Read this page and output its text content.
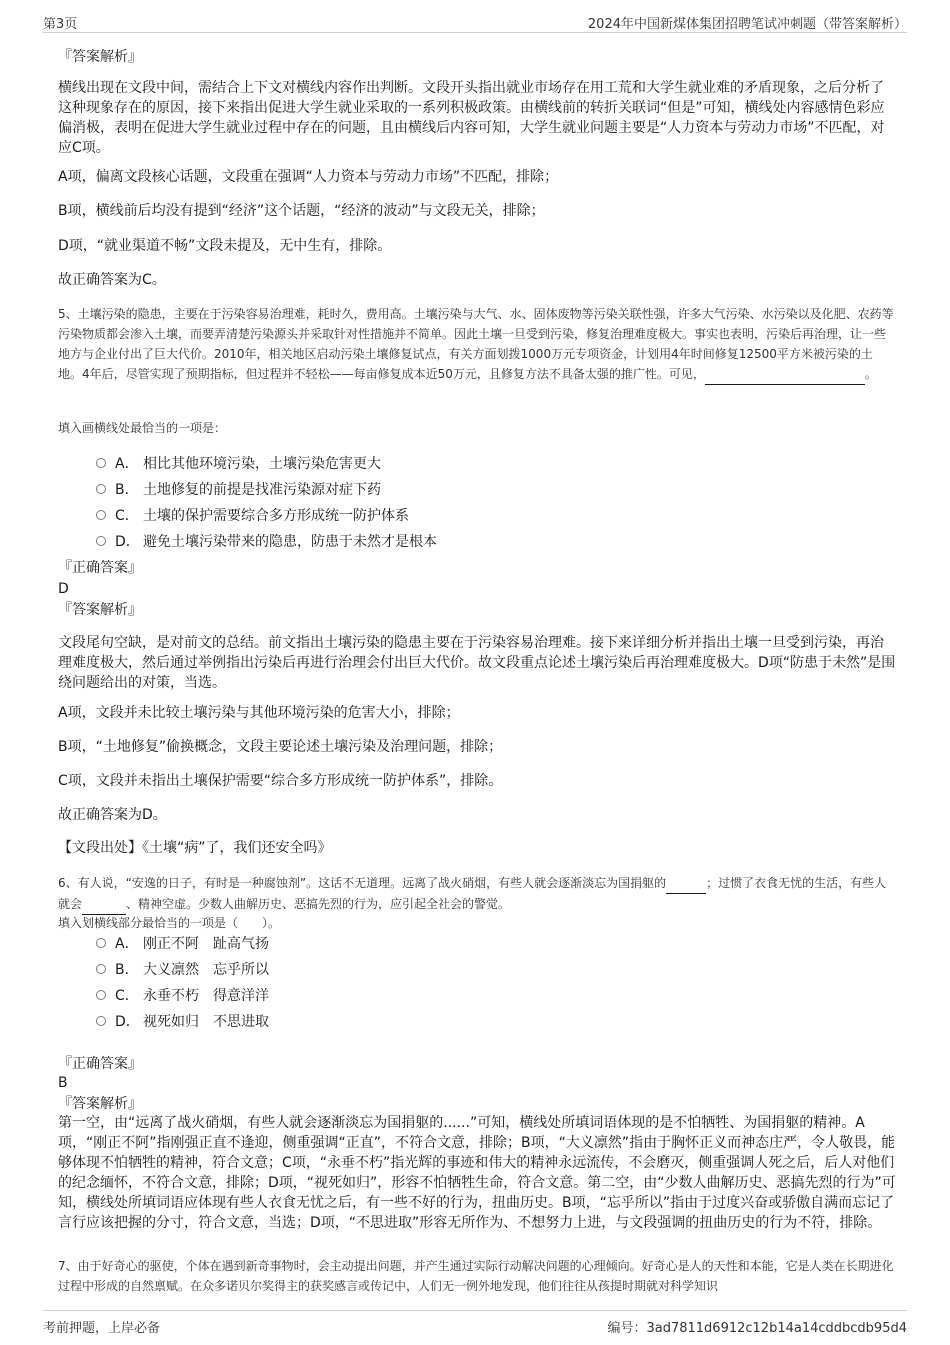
第3页	2024年中国新煤体集团招聘笔试冲刺题（带答案解析）
『答案解析』

横线出现在文段中间，需结合上下文对横线内容作出判断。文段开头指出就业市场存在用工荒和大学生就业难的矛盾现象，之后分析了这种现象存在的原因，接下来指出促进大学生就业采取的一系列积极政策。由横线前的转折关联词“但是”可知，横线处内容感情色彩应偏消极，表明在促进大学生就业过程中存在的问题，且由横线后内容可知，大学生就业问题主要是“人力资本与劳动力市场”不匹配，对应C项。

A项，偏离文段核心话题，文段重在强调“人力资本与劳动力市场”不匹配，排除；

B项，横线前后均没有提到“经济”这个话题，“经济的波动”与文段无关，排除；

D项，“就业渠道不畅”文段未提及，无中生有，排除。

故正确答案为C。

5、土壤污染的隐患，主要在于污染容易治理难，耗时久，费用高。土壤污染与大气、水、固体废物等污染关联性强，许多大气污染、水污染以及化肥、农药等污染物质都会渗入土壤，而要弄清楚污染源头并采取针对性措施并不简单。因此土壤一旦受到污染，修复治理难度极大。事实也表明，污染后再治理，让一些地方与企业付出了巨大代价。2010年，相关地区启动污染土壤修复试点，有关方面划拨1000万元专项资金，计划用4年时间修复12500平方米被污染的土地。4年后，尽管实现了预期指标，但过程并不轻松——每亩修复成本近50万元，且修复方法不具备太强的推广性。可见，	。

填入画横线处最恰当的一项是：

A． 相比其他环境污染，土壤污染危害更大
B． 土地修复的前提是找准污染源对症下药
C． 土壤的保护需要综合多方形成统一防护体系
D． 避免土壤污染带来的隐患，防患于未然才是根本
『正确答案』
D
『答案解析』

文段尾句空缺，是对前文的总结。前文指出土壤污染的隐患主要在于污染容易治理难。接下来详细分析并指出土壤一旦受到污染，再治理难度极大，然后通过举例指出污染后再进行治理会付出巨大代价。故文段重点论述土壤污染后再治理难度极大。D项“防患于未然”是围绕问题给出的对策，当选。

A项，文段并未比较土壤污染与其他环境污染的危害大小，排除；

B项，“土地修复”偷换概念，文段主要论述土壤污染及治理问题，排除；

C项，文段并未指出土壤保护需要“综合多方形成统一防护体系”，排除。

故正确答案为D。

【文段出处】《土壤“病”了，我们还安全吗》

6、有人说，“安逸的日子，有时是一种腐蚀剂”。这话不无道理。远离了战火硝烟，有些人就会逐渐淡忘为国捐躯的	；过惯了衣食无忧的生活，有些人就会	、精神空虚。少数人曲解历史、恶搞先烈的行为，应引起全社会的警觉。

填入划横线部分最恰当的一项是（　　）。

A． 刚正不阿　趾高气扬
B． 大义凛然　忘乎所以
C． 永垂不朽　得意洋洋
D． 视死如归　不思进取
『正确答案』
B
『答案解析』

第一空，由“远离了战火硝烟，有些人就会逐渐淡忘为国捐躯的......”可知，横线处所填词语体现的是不怕牺牲、为国捐躯的精神。A项，“刚正不阿”指刚强正直不逢迎，侧重强调“正直”，不符合文意，排除；B项，“大义凛然”指由于胸怀正义而神态庄严，令人敬畏，能够体现不怕牺牲的精神，符合文意；C项，“永垂不朽”指光辉的事迹和伟大的精神永远流传，不会磨灭，侧重强调人死之后，后人对他们的纪念缅怀，不符合文意，排除；D项，“视死如归”，形容不怕牺牲生命，符合文意。第二空，由“少数人曲解历史、恶搞先烈的行为”可知，横线处所填词语应体现有些人衣食无忧之后，有一些不好的行为，扭曲历史。B项，“忘乎所以”指由于过度兴奋或骄傲自满而忘记了言行应该把握的分寸，符合文意，当选；D项，“不思进取”形容无所作为、不想努力上进，与文段强调的扭曲历史的行为不符，排除。

7、由于好奇心的驱使，个体在遇到新奇事物时，会主动提出问题，并产生通过实际行动解决问题的心理倾向。好奇心是人的天性和本能，它是人类在长期进化过程中形成的自然禀赋。在众多诺贝尔奖得主的获奖感言或传记中，人们无一例外地发现，他们往往从孩提时期就对科学知识

考前押题，上岸必备	编号：3ad7811d6912c12b14a14cddbcdb95d4
